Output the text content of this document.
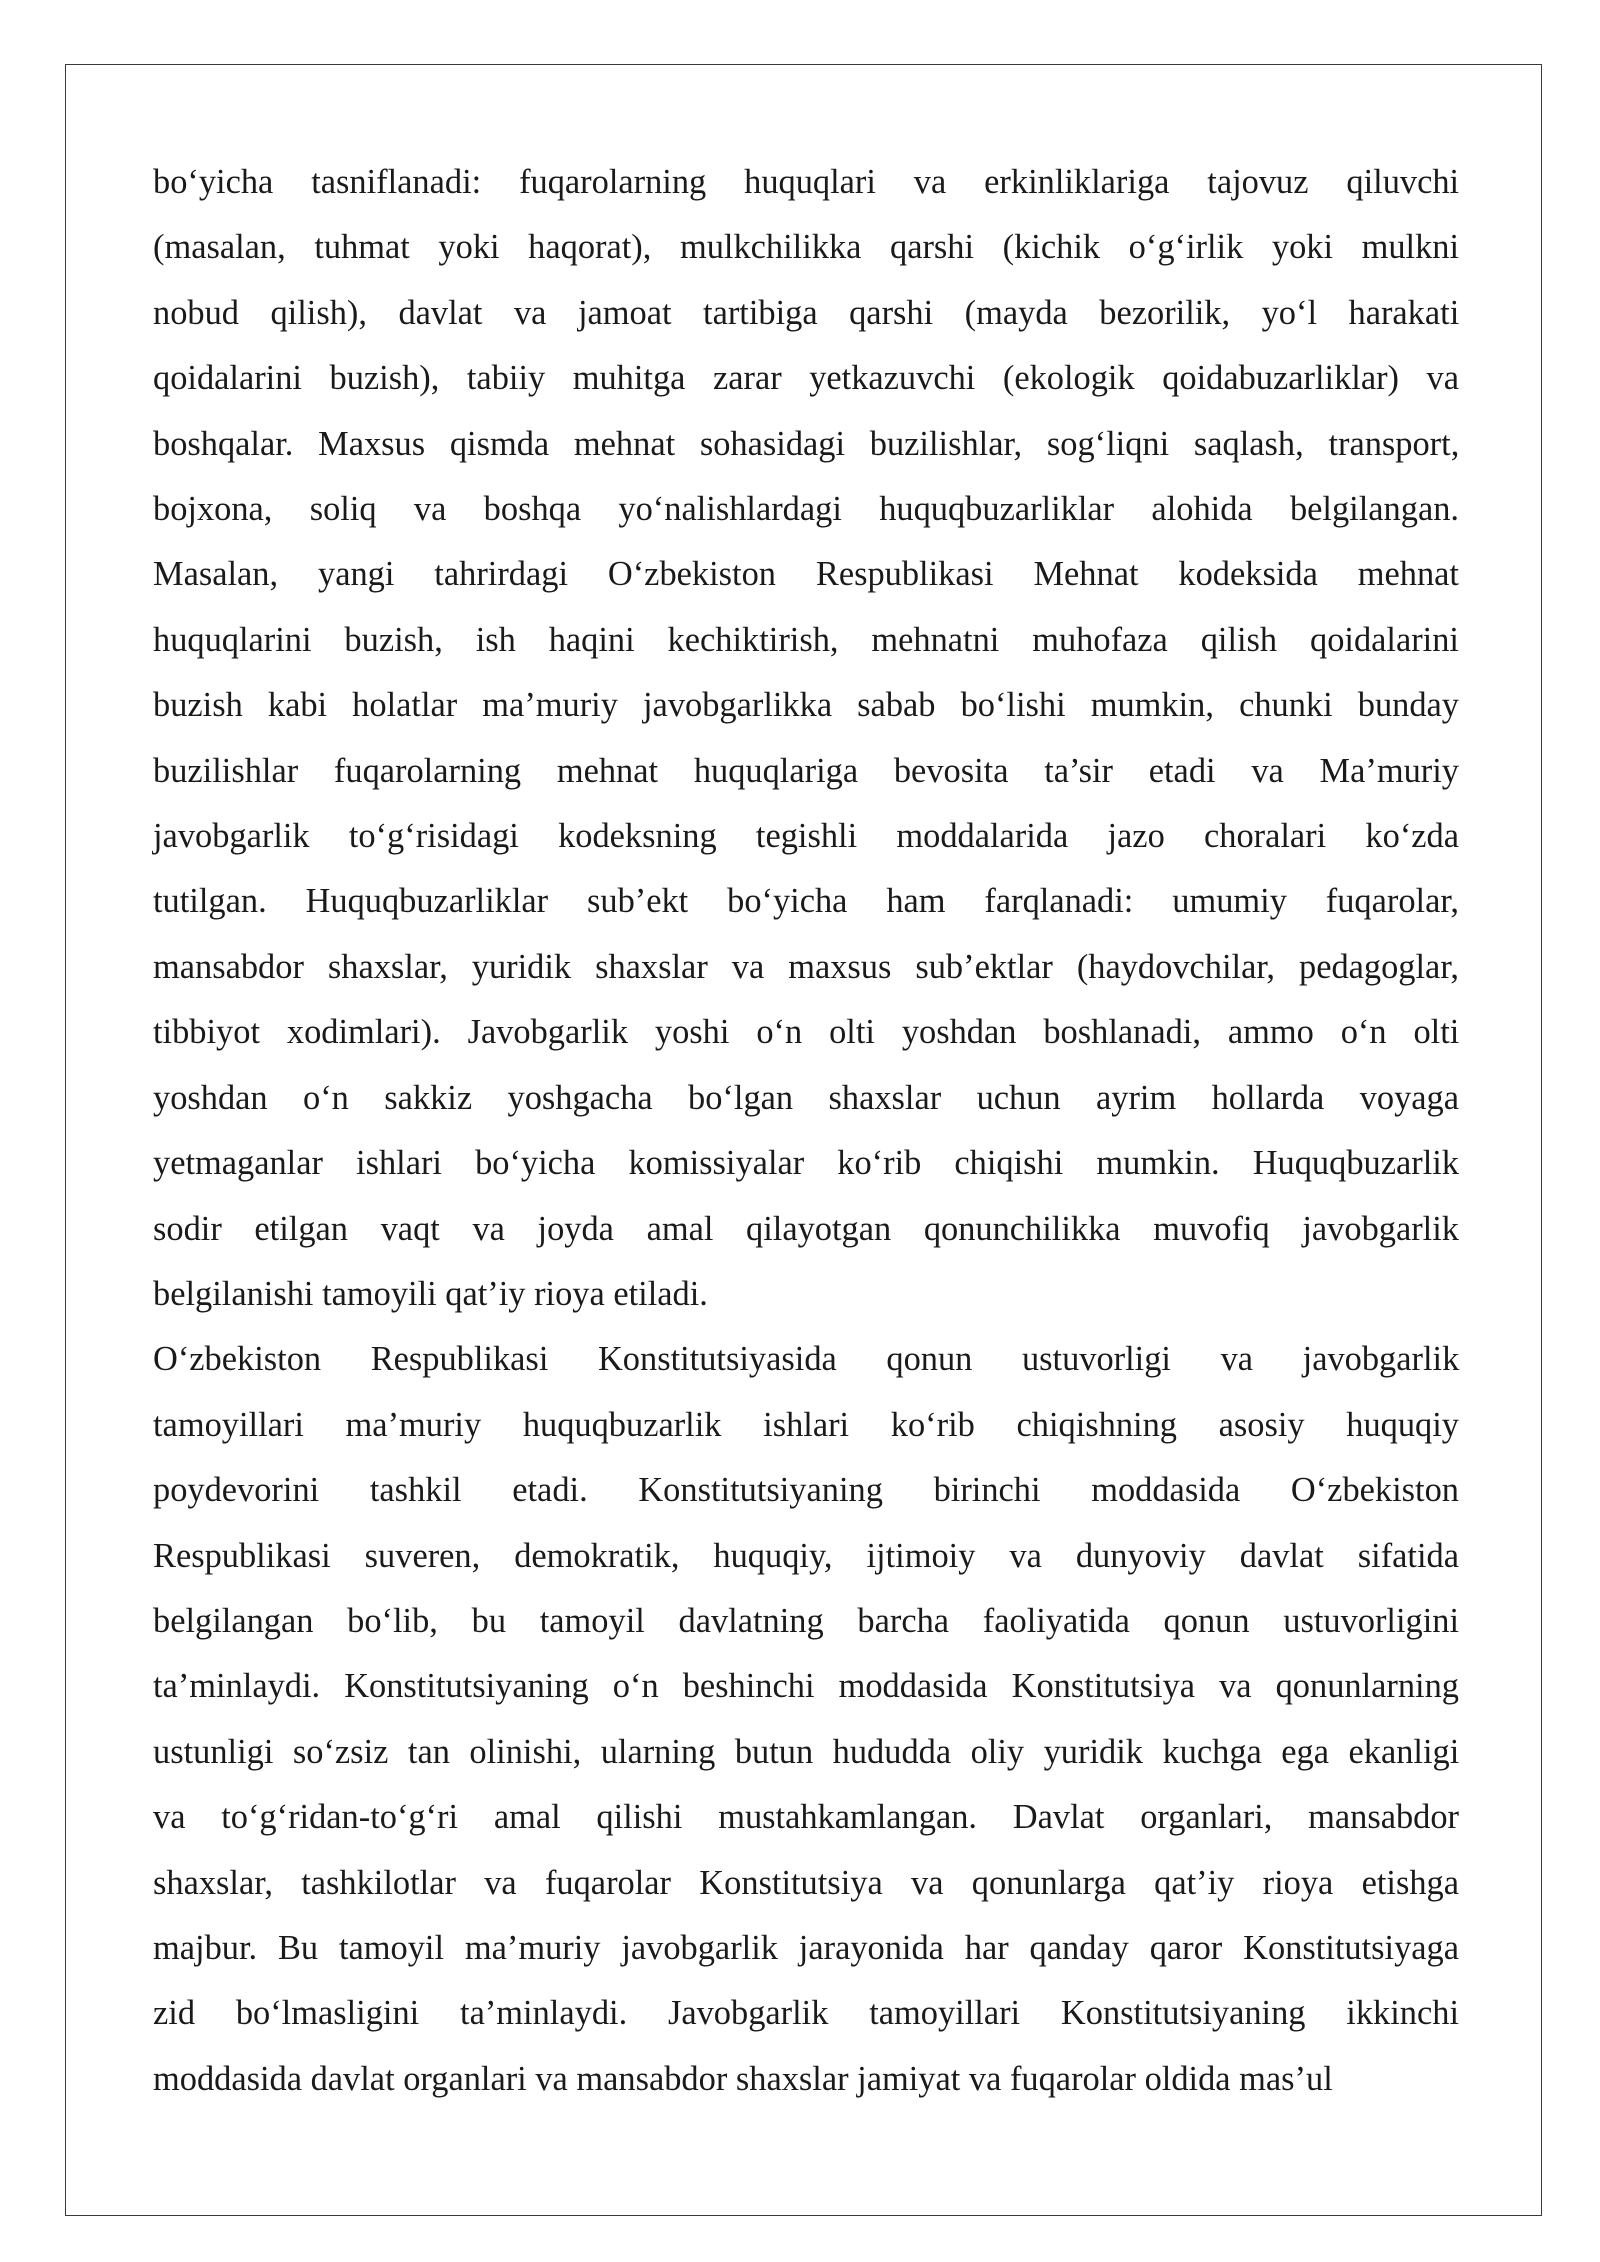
bo‘yicha tasniflanadi: fuqarolarning huquqlari va erkinliklariga tajovuz qiluvchi
(masalan, tuhmat yoki haqorat), mulkchilikka qarshi (kichik o‘g‘irlik yoki mulkni
nobud qilish), davlat va jamoat tartibiga qarshi (mayda bezorilik, yo‘l harakati
qoidalarini buzish), tabiiy muhitga zarar yetkazuvchi (ekologik qoidabuzarliklar) va
boshqalar. Maxsus qismda mehnat sohasidagi buzilishlar, sog‘liqni saqlash, transport,
bojxona, soliq va boshqa yo‘nalishlardagi huquqbuzarliklar alohida belgilangan.
Masalan, yangi tahrirdagi O‘zbekiston Respublikasi Mehnat kodeksida mehnat
huquqlarini buzish, ish haqini kechiktirish, mehnatni muhofaza qilish qoidalarini
buzish kabi holatlar ma’muriy javobgarlikka sabab bo‘lishi mumkin, chunki bunday
buzilishlar fuqarolarning mehnat huquqlariga bevosita ta’sir etadi va Ma’muriy
javobgarlik to‘g‘risidagi kodeksning tegishli moddalarida jazo choralari ko‘zda
tutilgan. Huquqbuzarliklar sub’ekt bo‘yicha ham farqlanadi: umumiy fuqarolar,
mansabdor shaxslar, yuridik shaxslar va maxsus sub’ektlar (haydovchilar, pedagoglar,
tibbiyot xodimlari). Javobgarlik yoshi o‘n olti yoshdan boshlanadi, ammo o‘n olti
yoshdan o‘n sakkiz yoshgacha bo‘lgan shaxslar uchun ayrim hollarda voyaga
yetmaganlar ishlari bo‘yicha komissiyalar ko‘rib chiqishi mumkin. Huquqbuzarlik
sodir etilgan vaqt va joyda amal qilayotgan qonunchilikka muvofiq javobgarlik
belgilanishi tamoyili qat’iy rioya etiladi.

O‘zbekiston Respublikasi Konstitutsiyasida qonun ustuvorligi va javobgarlik
tamoyillari ma’muriy huquqbuzarlik ishlari ko‘rib chiqishning asosiy huquqiy
poydevorini tashkil etadi. Konstitutsiyaning birinchi moddasida O‘zbekiston
Respublikasi suveren, demokratik, huquqiy, ijtimoiy va dunyoviy davlat sifatida
belgilangan bo‘lib, bu tamoyil davlatning barcha faoliyatida qonun ustuvorligini
ta’minlaydi. Konstitutsiyaning o‘n beshinchi moddasida Konstitutsiya va qonunlarning
ustunligi so‘zsiz tan olinishi, ularning butun hududda oliy yuridik kuchga ega ekanligi
va to‘g‘ridan-to‘g‘ri amal qilishi mustahkamlangan. Davlat organlari, mansabdor
shaxslar, tashkilotlar va fuqarolar Konstitutsiya va qonunlarga qat’iy rioya etishga
majbur. Bu tamoyil ma’muriy javobgarlik jarayonida har qanday qaror Konstitutsiyaga
zid bo‘lmasligini ta’minlaydi. Javobgarlik tamoyillari Konstitutsiyaning ikkinchi
moddasida davlat organlari va mansabdor shaxslar jamiyat va fuqarolar oldida mas’ul
